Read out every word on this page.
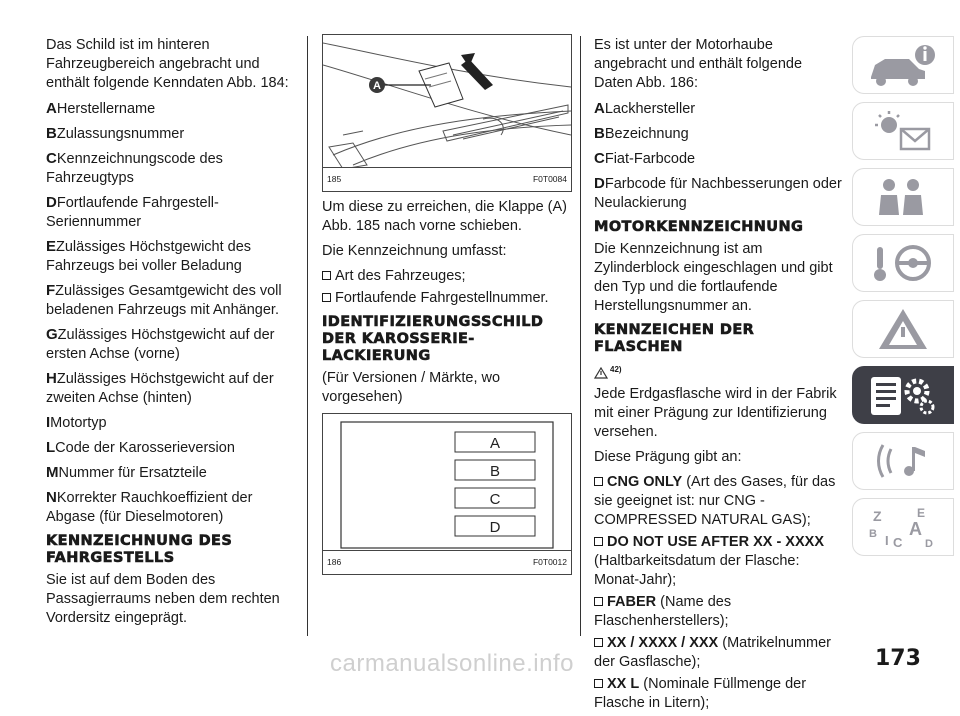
Das Schild ist im hinteren Fahrzeugbereich angebracht und enthält folgende Kenndaten Abb. 184:

AHerstellername

BZulassungsnummer

CKennzeichnungscode des Fahrzeugtyps

DFortlaufende Fahrgestell-Seriennummer

EZulässiges Höchstgewicht des Fahrzeugs bei voller Beladung

FZulässiges Gesamtgewicht des voll beladenen Fahrzeugs mit Anhänger.

GZulässiges Höchstgewicht auf der ersten Achse (vorne)

HZulässiges Höchstgewicht auf der zweiten Achse (hinten)

IMotortyp

LCode der Karosserieversion

MNummer für Ersatzteile

NKorrekter Rauchkoeffizient der Abgase (für Dieselmotoren)

KENNZEICHNUNG DES FAHRGESTELLS

Sie ist auf dem Boden des Passagierraums neben dem rechten Vordersitz eingeprägt.

A
185	F0T0084

Um diese zu erreichen, die Klappe (A) Abb. 185 nach vorne schieben.

Die Kennzeichnung umfasst:

Art des Fahrzeuges;
Fortlaufende Fahrgestellnummer.
IDENTIFIZIERUNGSSCHILD DER KAROSSERIE-LACKIERUNG

(Für Versionen / Märkte, wo vorgesehen)

A
B
C
D
186	F0T0012

Es ist unter der Motorhaube angebracht und enthält folgende Daten Abb. 186:

ALackhersteller

BBezeichnung

CFiat-Farbcode

DFarbcode für Nachbesserungen oder Neulackierung

MOTORKENNZEICHNUNG

Die Kennzeichnung ist am Zylinderblock eingeschlagen und gibt den Typ und die fortlaufende Herstellungsnummer an.

KENNZEICHEN DER FLASCHEN
$^{42)}$

Jede Erdgasflasche wird in der Fabrik mit einer Prägung zur Identifizierung versehen.

Diese Prägung gibt an:

CNG ONLY (Art des Gases, für das sie geeignet ist: nur CNG - COMPRESSED NATURAL GAS);
DO NOT USE AFTER XX - XXXX (Haltbarkeitsdatum der Flasche: Monat-Jahr);
FABER (Name des Flaschenherstellers);
XX / XXXX / XXX (Matrikelnummer der Gasflasche);
XX L (Nominale Füllmenge der Flasche in Litern);
Z	E
B I C
A
D
carmanualsonline.info	173
